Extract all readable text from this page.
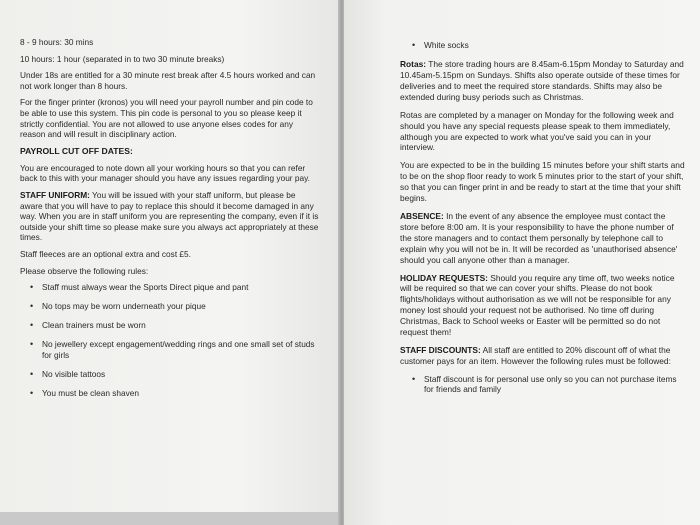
8 - 9 hours: 30 mins

10 hours: 1 hour (separated in to two 30 minute breaks)

Under 18s are entitled for a 30 minute rest break after 4.5 hours worked and can not work longer than 8 hours.

For the finger printer (kronos) you will need your payroll number and pin code to be able to use this system. This pin code is personal to you so please keep it strictly confidential. You are not allowed to use anyone elses codes for any reason and will result in disciplinary action.

PAYROLL CUT OFF DATES:

You are encouraged to note down all your working hours so that you can refer back to this with your manager should you have any issues regarding your pay.

STAFF UNIFORM: You will be issued with your staff uniform, but please be aware that you will have to pay to replace this should it become damaged in any way. When you are in staff uniform you are representing the company, even if it is outside your shift time so please make sure you always act appropriately at these times.

Staff fleeces are an optional extra and cost £5.

Please observe the following rules:

• Staff must always wear the Sports Direct pique and pant
• No tops may be worn underneath your pique
• Clean trainers must be worn
• No jewellery except engagement/wedding rings and one small set of studs for girls
• No visible tattoos
• You must be clean shaven
• White socks

Rotas: The store trading hours are 8.45am-6.15pm Monday to Saturday and 10.45am-5.15pm on Sundays. Shifts also operate outside of these times for deliveries and to meet the required store standards. Shifts may also be extended during busy periods such as Christmas.

Rotas are completed by a manager on Monday for the following week and should you have any special requests please speak to them immediately, although you are expected to work what you've said you can in your interview.

You are expected to be in the building 15 minutes before your shift starts and to be on the shop floor ready to work 5 minutes prior to the start of your shift, so that you can finger print in and be ready to start at the time that your shift begins.

ABSENCE: In the event of any absence the employee must contact the store before 8:00 am. It is your responsibility to have the phone number of the store managers and to contact them personally by telephone call to explain why you will not be in. It will be recorded as 'unauthorised absence' should you call anyone other than a manager.

HOLIDAY REQUESTS: Should you require any time off, two weeks notice will be required so that we can cover your shifts. Please do not book flights/holidays without authorisation as we will not be responsible for any money lost should your request not be authorised. No time off during Christmas, Back to School weeks or Easter will be permitted so do not request them!

STAFF DISCOUNTS: All staff are entitled to 20% discount off of what the customer pays for an item. However the following rules must be followed:

• Staff discount is for personal use only so you can not purchase items for friends and family
